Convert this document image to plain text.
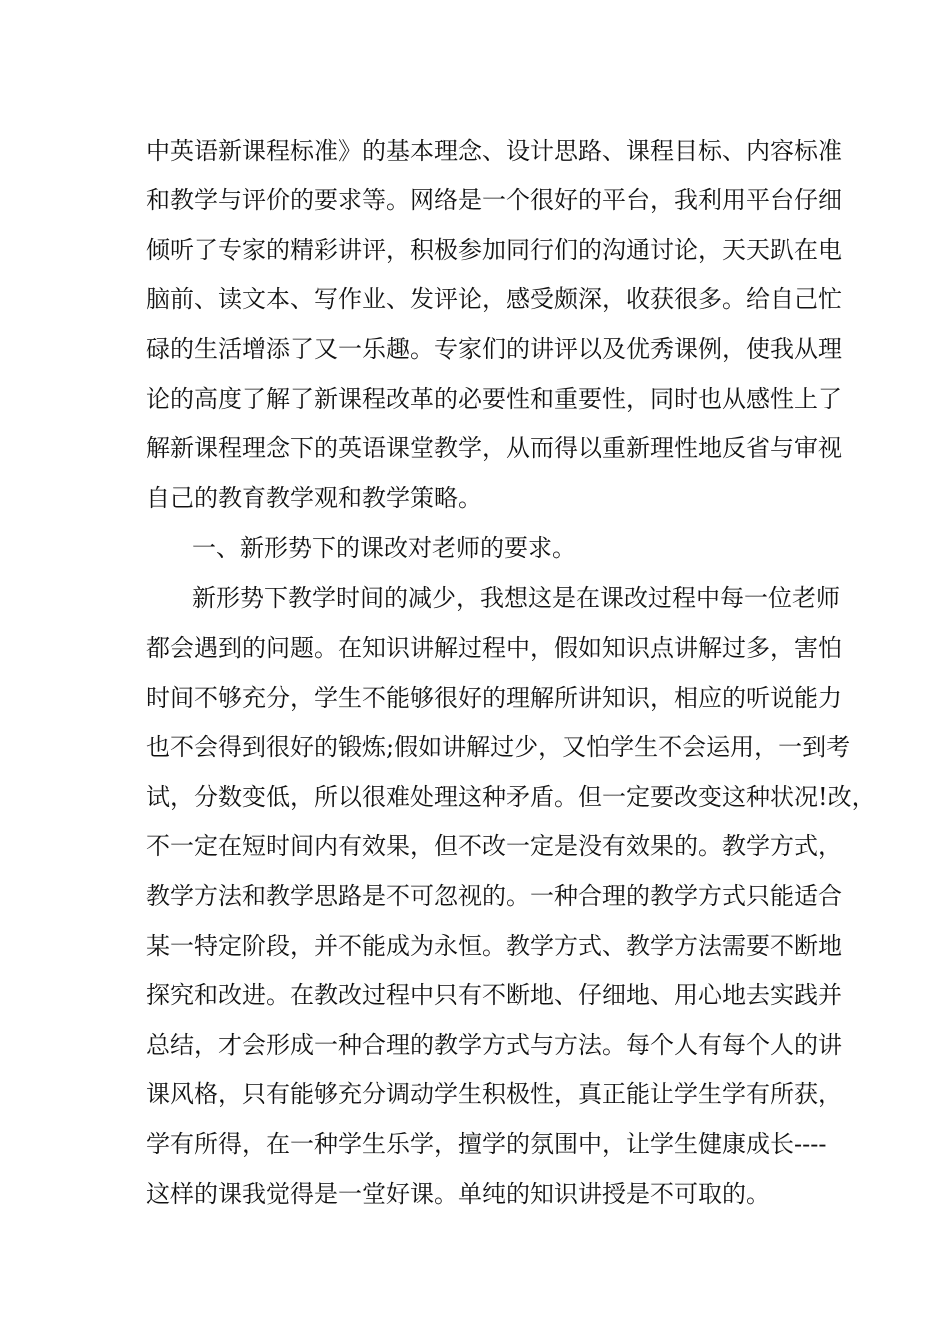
中英语新课程标准》的基本理念、设计思路、课程目标、内容标准
和教学与评价的要求等。网络是一个很好的平台，我利用平台仔细
倾听了专家的精彩讲评，积极参加同行们的沟通讨论，天天趴在电
脑前、读文本、写作业、发评论，感受颇深，收获很多。给自己忙
碌的生活增添了又一乐趣。专家们的讲评以及优秀课例，使我从理
论的高度了解了新课程改革的必要性和重要性，同时也从感性上了
解新课程理念下的英语课堂教学，从而得以重新理性地反省与审视
自己的教育教学观和教学策略。
一、新形势下的课改对老师的要求。
新形势下教学时间的减少，我想这是在课改过程中每一位老师
都会遇到的问题。在知识讲解过程中，假如知识点讲解过多，害怕
时间不够充分，学生不能够很好的理解所讲知识，相应的听说能力
也不会得到很好的锻炼;假如讲解过少，又怕学生不会运用，一到考
试，分数变低，所以很难处理这种矛盾。但一定要改变这种状况!改，
不一定在短时间内有效果，但不改一定是没有效果的。教学方式，
教学方法和教学思路是不可忽视的。一种合理的教学方式只能适合
某一特定阶段，并不能成为永恒。教学方式、教学方法需要不断地
探究和改进。在教改过程中只有不断地、仔细地、用心地去实践并
总结，才会形成一种合理的教学方式与方法。每个人有每个人的讲
课风格，只有能够充分调动学生积极性，真正能让学生学有所获，
学有所得，在一种学生乐学，擅学的氛围中，让学生健康成长----
这样的课我觉得是一堂好课。单纯的知识讲授是不可取的。
